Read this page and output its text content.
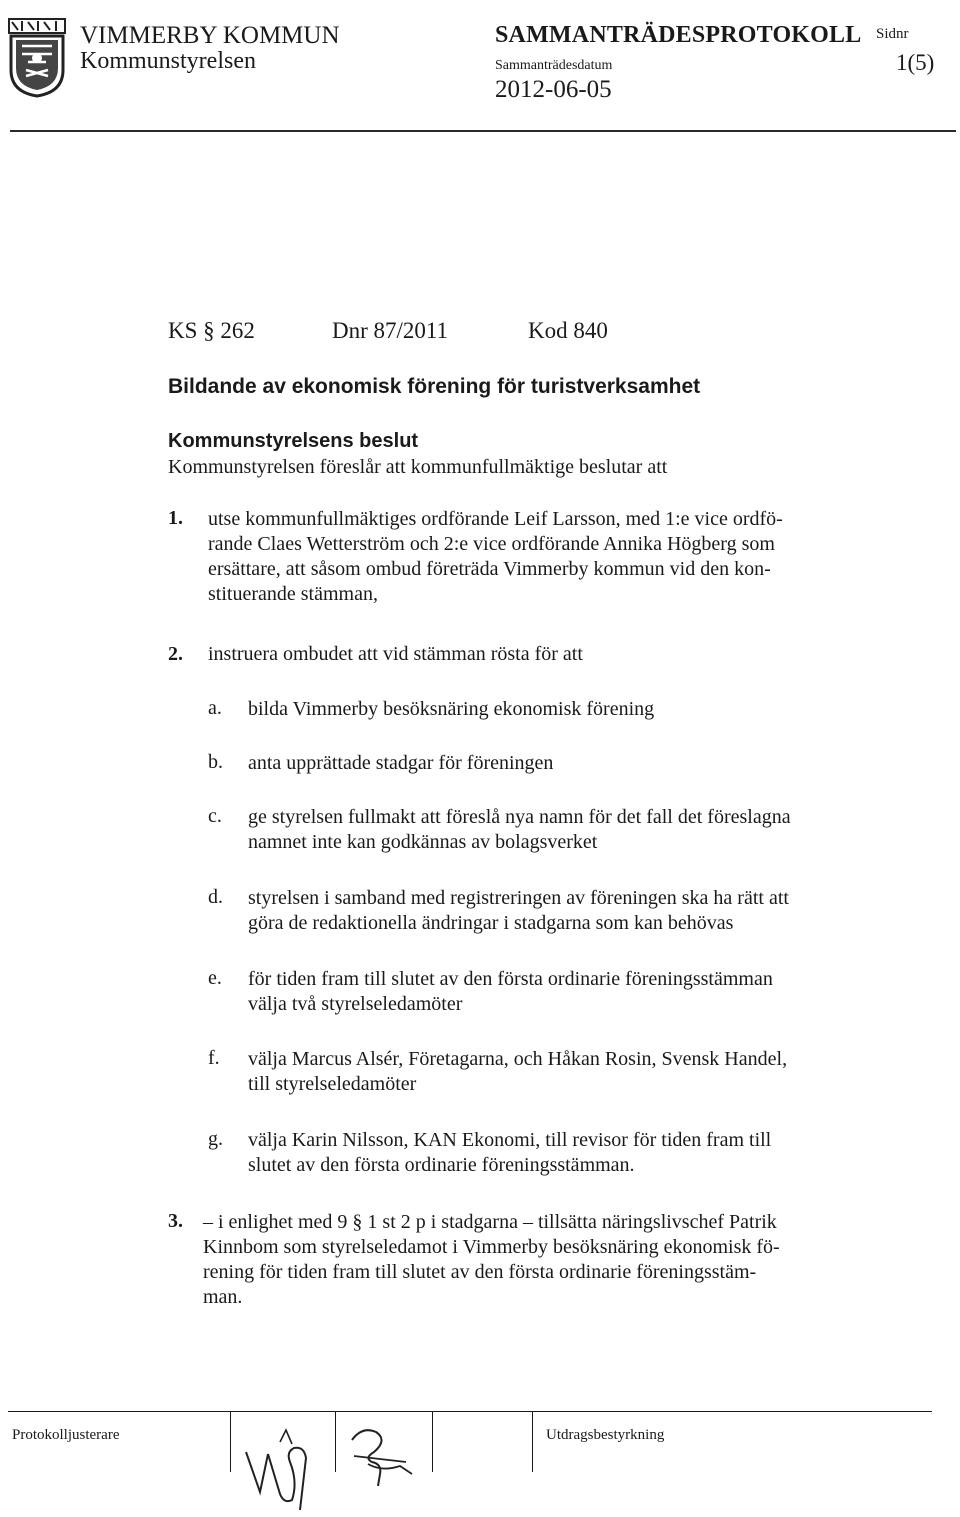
VIMMERBY KOMMUN
Kommunstyrelsen
SAMMANTRÄDESPROTOKOLL
Sammanträdesdatum
2012-06-05
Sidnr
1(5)
KS § 262	Dnr 87/2011	Kod 840
Bildande av ekonomisk förening för turistverksamhet
Kommunstyrelsens beslut
Kommunstyrelsen föreslår att kommunfullmäktige beslutar att
1. utse kommunfullmäktiges ordförande Leif Larsson, med 1:e vice ordfö-
rande Claes Wetterström och 2:e vice ordförande Annika Högberg som
ersättare, att såsom ombud företräda Vimmerby kommun vid den kon-
stituerande stämman,
2. instruera ombudet att vid stämman rösta för att
a. bilda Vimmerby besöksnäring ekonomisk förening
b. anta upprättade stadgar för föreningen
c. ge styrelsen fullmakt att föreslå nya namn för det fall det föreslagna
namnet inte kan godkännas av bolagsverket
d. styrelsen i samband med registreringen av föreningen ska ha rätt att
göra de redaktionella ändringar i stadgarna som kan behövas
e. för tiden fram till slutet av den första ordinarie föreningsstämman
välja två styrelseledamöter
f. välja Marcus Alsér, Företagarna, och Håkan Rosin, Svensk Handel,
till styrelseledamöter
g. välja Karin Nilsson, KAN Ekonomi, till revisor för tiden fram till
slutet av den första ordinarie föreningsstämman.
3. – i enlighet med 9 § 1 st 2 p i stadgarna – tillsätta näringslivschef Patrik
Kinnbom som styrelseledamot i Vimmerby besöksnäring ekonomisk fö-
rening för tiden fram till slutet av den första ordinarie föreningsstäm-
man.
Protokolljusterare	Utdragsbestyrkning
